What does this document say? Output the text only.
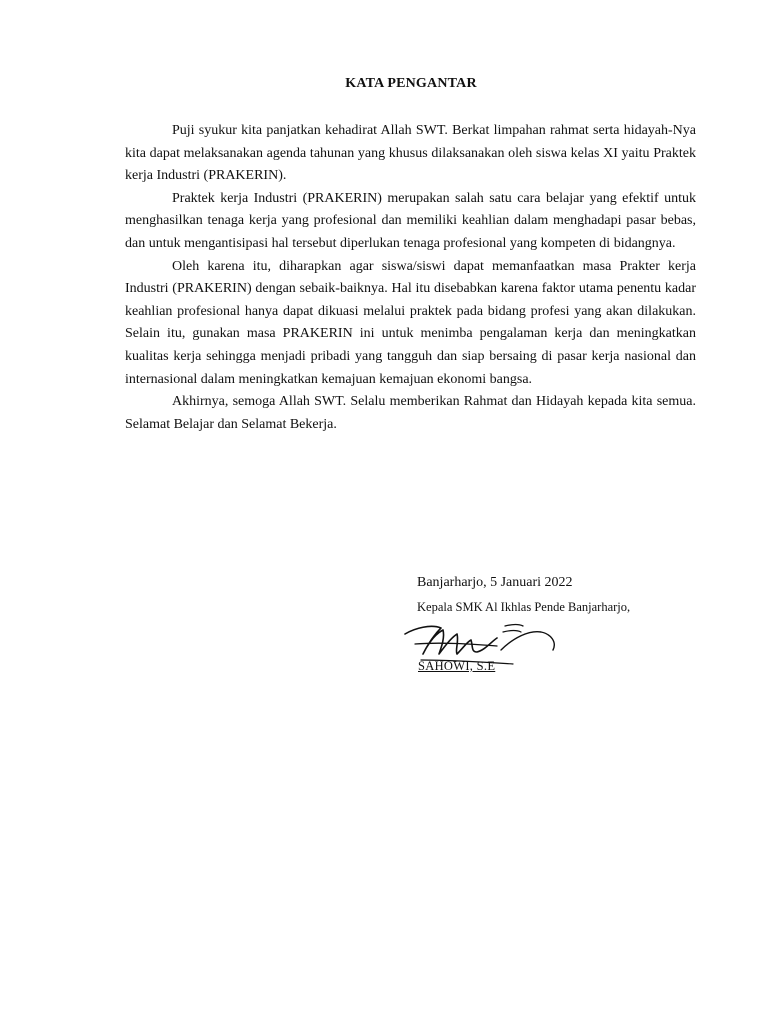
KATA PENGANTAR

Puji syukur kita panjatkan kehadirat Allah SWT. Berkat limpahan rahmat serta hidayah-Nya kita dapat melaksanakan agenda tahunan yang khusus dilaksanakan oleh siswa kelas XI yaitu Praktek kerja Industri (PRAKERIN).

Praktek kerja Industri (PRAKERIN) merupakan salah satu cara belajar yang efektif untuk menghasilkan tenaga kerja yang profesional dan memiliki keahlian dalam menghadapi pasar bebas, dan untuk mengantisipasi hal tersebut diperlukan tenaga profesional yang kompeten di bidangnya.

Oleh karena itu, diharapkan agar siswa/siswi dapat memanfaatkan masa Prakter kerja Industri (PRAKERIN) dengan sebaik-baiknya. Hal itu disebabkan karena faktor utama penentu kadar keahlian profesional hanya dapat dikuasi melalui praktek pada bidang profesi yang akan dilakukan. Selain itu, gunakan masa PRAKERIN ini untuk menimba pengalaman kerja dan meningkatkan kualitas kerja sehingga menjadi pribadi yang tangguh dan siap bersaing di pasar kerja nasional dan internasional dalam meningkatkan kemajuan kemajuan ekonomi bangsa.

Akhirnya, semoga Allah SWT. Selalu memberikan Rahmat dan Hidayah kepada kita semua. Selamat Belajar dan Selamat Bekerja.

Banjarharjo, 5 Januari 2022
Kepala SMK Al Ikhlas Pende Banjarharjo,
SAHOWI, S.E
